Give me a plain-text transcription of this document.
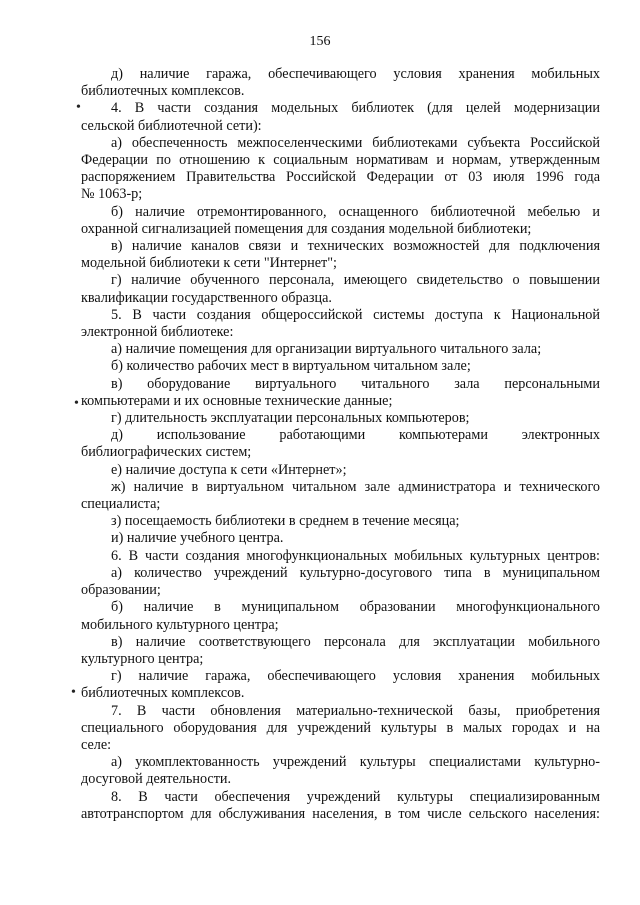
156
•
•
•
д) наличие гаража, обеспечивающего условия хранения мобильных
библиотечных комплексов.
4. В части создания модельных библиотек (для целей модернизации
сельской библиотечной сети):
а) обеспеченность межпоселенческими библиотеками субъекта Российской
Федерации по отношению к социальным нормативам и нормам, утвержденным
распоряжением Правительства Российской Федерации от 03 июля 1996 года
№ 1063-р;
б) наличие отремонтированного, оснащенного библиотечной мебелью и
охранной сигнализацией помещения для создания модельной библиотеки;
в) наличие каналов связи и технических возможностей для подключения
модельной библиотеки к сети "Интернет";
г) наличие обученного персонала, имеющего свидетельство о повышении
квалификации государственного образца.
5. В части создания общероссийской системы доступа к Национальной
электронной библиотеке:
а) наличие помещения для организации виртуального читального зала;
б) количество рабочих мест в виртуальном читальном зале;
в) оборудование виртуального читального зала персональными
компьютерами и их основные технические данные;
г) длительность эксплуатации персональных компьютеров;
д) использование работающими компьютерами электронных
библиографических систем;
е) наличие доступа к сети «Интернет»;
ж) наличие в виртуальном читальном зале администратора и технического
специалиста;
з) посещаемость библиотеки в среднем в течение месяца;
и) наличие учебного центра.
6. В части создания многофункциональных мобильных культурных центров:
а) количество учреждений культурно-досугового типа в муниципальном
образовании;
б) наличие в муниципальном образовании многофункционального
мобильного культурного центра;
в) наличие соответствующего персонала для эксплуатации мобильного
культурного центра;
г) наличие гаража, обеспечивающего условия хранения мобильных
библиотечных комплексов.
7. В части обновления материально-технической базы, приобретения
специального оборудования для учреждений культуры в малых городах и на
селе:
а) укомплектованность учреждений культуры специалистами культурно-
досуговой деятельности.
8. В части обеспечения учреждений культуры специализированным
автотранспортом для обслуживания населения, в том числе сельского населения:
